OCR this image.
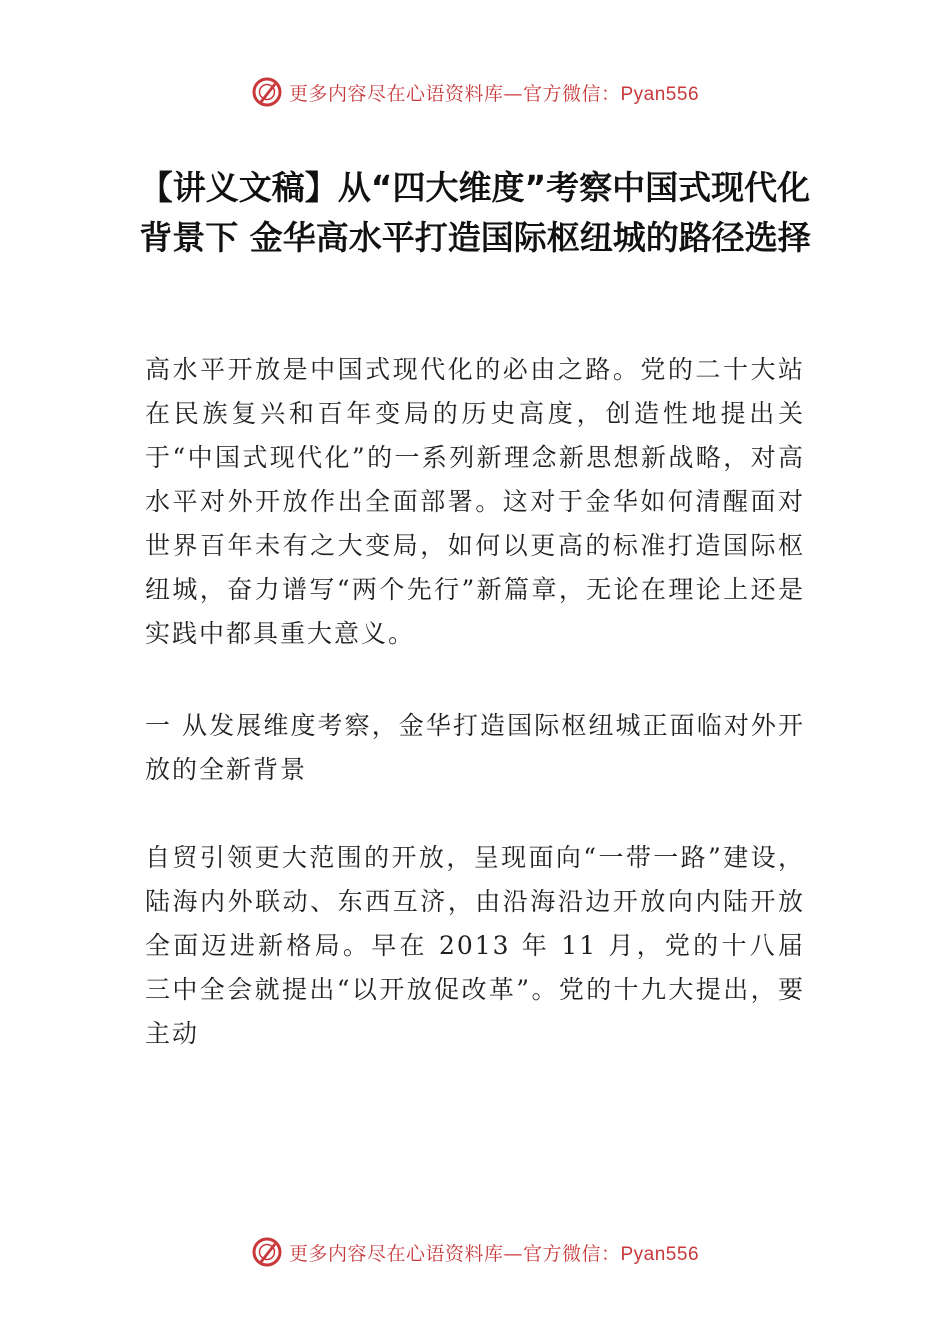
更多内容尽在心语资料库—官方微信：Pyan556
【讲义文稿】从“四大维度”考察中国式现代化背景下 金华高水平打造国际枢纽城的路径选择

高水平开放是中国式现代化的必由之路。党的二十大站在民族复兴和百年变局的历史高度，创造性地提出关于“中国式现代化”的一系列新理念新思想新战略，对高水平对外开放作出全面部署。这对于金华如何清醒面对世界百年未有之大变局，如何以更高的标准打造国际枢纽城，奋力谱写“两个先行”新篇章，无论在理论上还是实践中都具重大意义。

一 从发展维度考察，金华打造国际枢纽城正面临对外开放的全新背景

自贸引领更大范围的开放，呈现面向“一带一路”建设，陆海内外联动、东西互济，由沿海沿边开放向内陆开放全面迈进新格局。早在 2013 年 11 月，党的十八届三中全会就提出“以开放促改革”。党的十九大提出，要主动

更多内容尽在心语资料库—官方微信：Pyan556
